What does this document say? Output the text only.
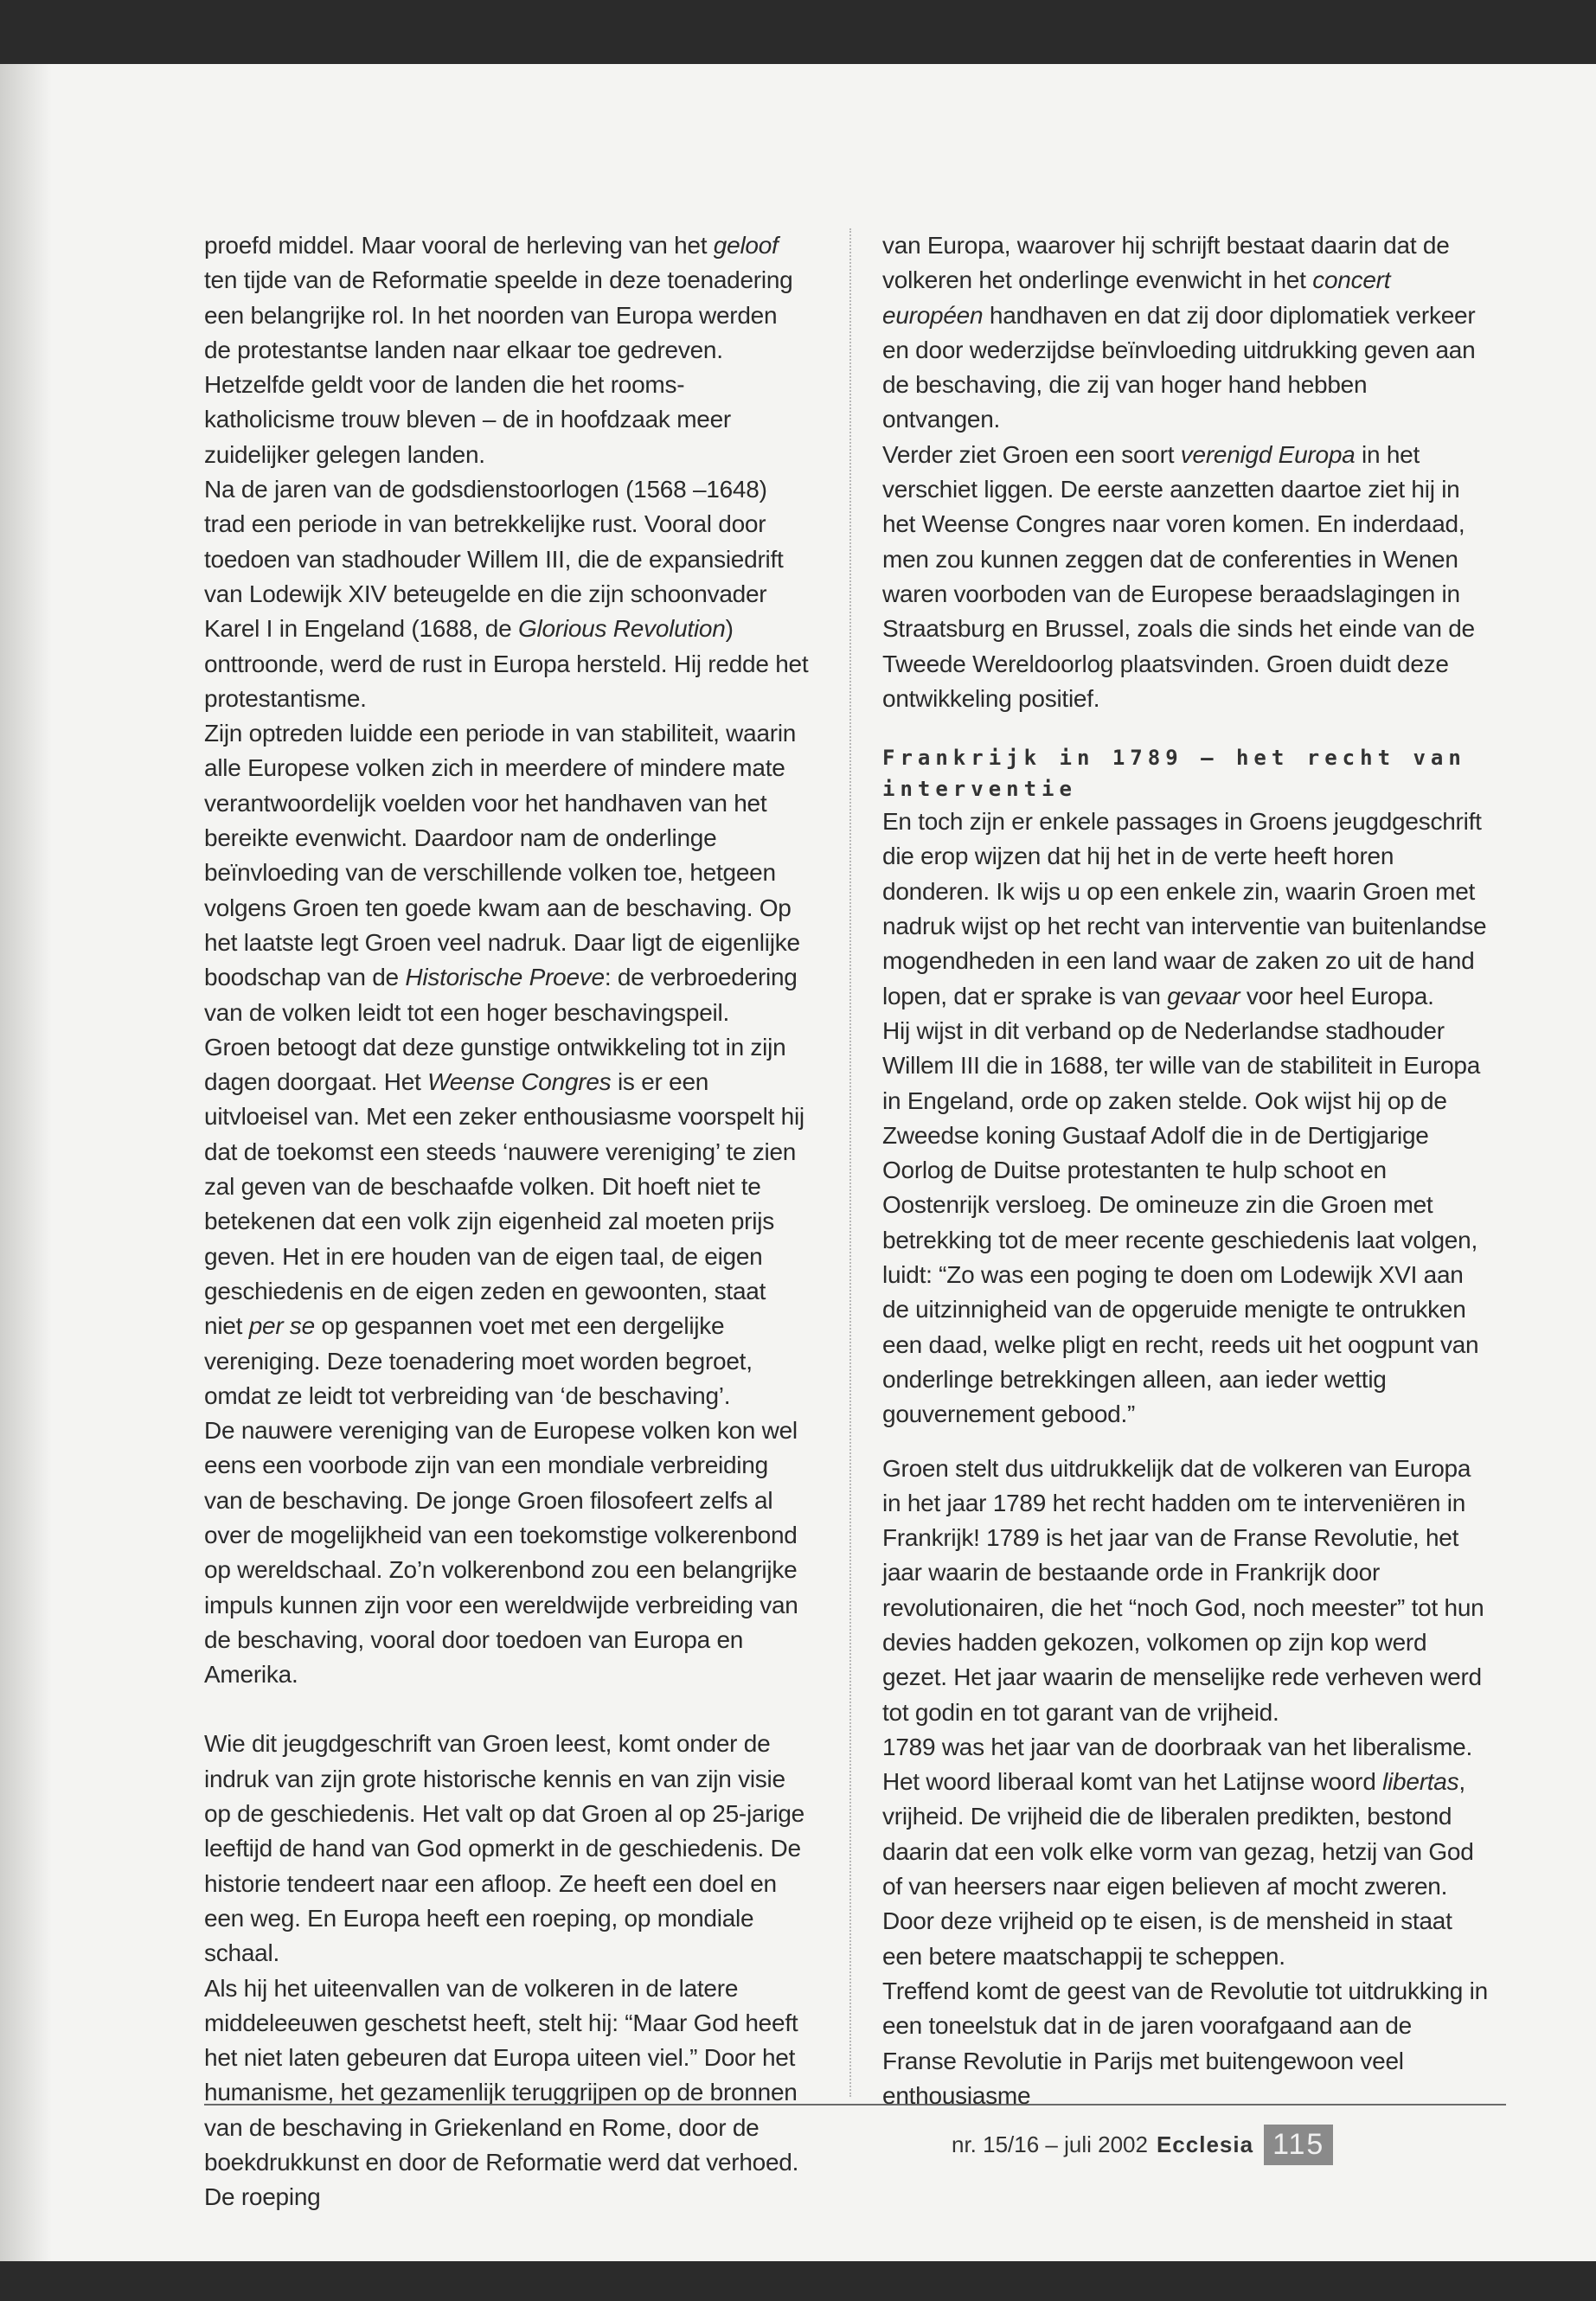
proefd middel. Maar vooral de herleving van het geloof ten tijde van de Reformatie speelde in deze toenadering een belangrijke rol. In het noorden van Europa werden de protestantse landen naar elkaar toe gedreven. Hetzelfde geldt voor de landen die het rooms-katholicisme trouw bleven – de in hoofdzaak meer zuidelijker gelegen landen.

Na de jaren van de godsdienstoorlogen (1568 –1648) trad een periode in van betrekkelijke rust. Vooral door toedoen van stadhouder Willem III, die de expansiedrift van Lodewijk XIV beteugelde en die zijn schoonvader Karel I in Engeland (1688, de Glorious Revolution) onttroonde, werd de rust in Europa hersteld. Hij redde het protestantisme.

Zijn optreden luidde een periode in van stabiliteit, waarin alle Europese volken zich in meerdere of mindere mate verantwoordelijk voelden voor het handhaven van het bereikte evenwicht. Daardoor nam de onderlinge beïnvloeding van de verschillende volken toe, hetgeen volgens Groen ten goede kwam aan de beschaving. Op het laatste legt Groen veel nadruk. Daar ligt de eigenlijke boodschap van de Historische Proeve: de verbroedering van de volken leidt tot een hoger beschavingspeil.

Groen betoogt dat deze gunstige ontwikkeling tot in zijn dagen doorgaat. Het Weense Congres is er een uitvloeisel van. Met een zeker enthousiasme voorspelt hij dat de toekomst een steeds ‘nauwere vereniging’ te zien zal geven van de beschaafde volken. Dit hoeft niet te betekenen dat een volk zijn eigenheid zal moeten prijs geven. Het in ere houden van de eigen taal, de eigen geschiedenis en de eigen zeden en gewoonten, staat niet per se op gespannen voet met een dergelijke vereniging. Deze toenadering moet worden begroet, omdat ze leidt tot verbreiding van ‘de beschaving’.

De nauwere vereniging van de Europese volken kon wel eens een voorbode zijn van een mondiale verbreiding van de beschaving. De jonge Groen filosofeert zelfs al over de mogelijkheid van een toekomstige volkerenbond op wereldschaal. Zo’n volkerenbond zou een belangrijke impuls kunnen zijn voor een wereldwijde verbreiding van de beschaving, vooral door toedoen van Europa en Amerika.

Wie dit jeugdgeschrift van Groen leest, komt onder de indruk van zijn grote historische kennis en van zijn visie op de geschiedenis. Het valt op dat Groen al op 25-jarige leeftijd de hand van God opmerkt in de geschiedenis. De historie tendeert naar een afloop. Ze heeft een doel en een weg. En Europa heeft een roeping, op mondiale schaal.

Als hij het uiteenvallen van de volkeren in de latere middeleeuwen geschetst heeft, stelt hij: “Maar God heeft het niet laten gebeuren dat Europa uiteen viel.” Door het humanisme, het gezamenlijk teruggrijpen op de bronnen van de beschaving in Griekenland en Rome, door de boekdrukkunst en door de Reformatie werd dat verhoed. De roeping

van Europa, waarover hij schrijft bestaat daarin dat de volkeren het onderlinge evenwicht in het concert européen handhaven en dat zij door diplomatiek verkeer en door wederzijdse beïnvloeding uitdrukking geven aan de beschaving, die zij van hoger hand hebben ontvangen.

Verder ziet Groen een soort verenigd Europa in het verschiet liggen. De eerste aanzetten daartoe ziet hij in het Weense Congres naar voren komen. En inderdaad, men zou kunnen zeggen dat de conferenties in Wenen waren voorboden van de Europese beraadslagingen in Straatsburg en Brussel, zoals die sinds het einde van de Tweede Wereldoorlog plaatsvinden. Groen duidt deze ontwikkeling positief.

Frankrijk in 1789 – het recht van interventie

En toch zijn er enkele passages in Groens jeugdgeschrift die erop wijzen dat hij het in de verte heeft horen donderen. Ik wijs u op een enkele zin, waarin Groen met nadruk wijst op het recht van interventie van buitenlandse mogendheden in een land waar de zaken zo uit de hand lopen, dat er sprake is van gevaar voor heel Europa.

Hij wijst in dit verband op de Nederlandse stadhouder Willem III die in 1688, ter wille van de stabiliteit in Europa in Engeland, orde op zaken stelde. Ook wijst hij op de Zweedse koning Gustaaf Adolf die in de Dertigjarige Oorlog de Duitse protestanten te hulp schoot en Oostenrijk versloeg. De omineuze zin die Groen met betrekking tot de meer recente geschiedenis laat volgen, luidt: “Zo was een poging te doen om Lodewijk XVI aan de uitzinnigheid van de opgeruide menigte te ontrukken een daad, welke pligt en recht, reeds uit het oogpunt van onderlinge betrekkingen alleen, aan ieder wettig gouvernement gebood.”

Groen stelt dus uitdrukkelijk dat de volkeren van Europa in het jaar 1789 het recht hadden om te interveniëren in Frankrijk! 1789 is het jaar van de Franse Revolutie, het jaar waarin de bestaande orde in Frankrijk door revolutionairen, die het “noch God, noch meester” tot hun devies hadden gekozen, volkomen op zijn kop werd gezet. Het jaar waarin de menselijke rede verheven werd tot godin en tot garant van de vrijheid.

1789 was het jaar van de doorbraak van het liberalisme. Het woord liberaal komt van het Latijnse woord libertas, vrijheid. De vrijheid die de liberalen predikten, bestond daarin dat een volk elke vorm van gezag, hetzij van God of van heersers naar eigen believen af mocht zweren. Door deze vrijheid op te eisen, is de mensheid in staat een betere maatschappij te scheppen.

Treffend komt de geest van de Revolutie tot uitdrukking in een toneelstuk dat in de jaren voorafgaand aan de Franse Revolutie in Parijs met buitengewoon veel enthousiasme

nr. 15/16 – juli 2002 Ecclesia 115
